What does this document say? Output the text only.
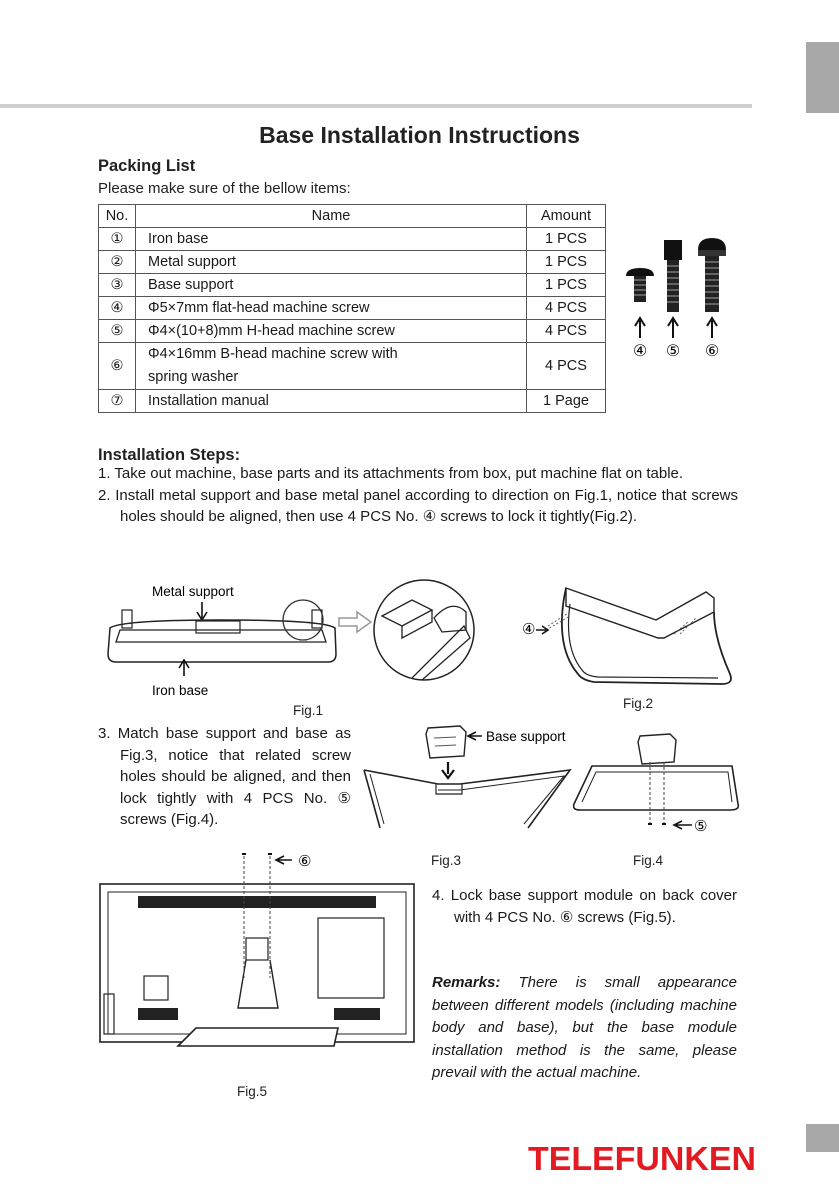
Base Installation Instructions
Packing List
Please make sure of the bellow items:
No.	Name	Amount
①	Iron base	1 PCS
②	Metal support	1 PCS
③	Base support	1 PCS
④	Φ5×7mm flat-head machine screw	4 PCS
⑤	Φ4×(10+8)mm H-head machine screw	4 PCS
⑥	Φ4×16mm B-head machine screw with spring washer	4 PCS
⑦	Installation manual	1 Page
④ ⑤ ⑥
Installation Steps:

1. Take out machine, base parts and its attachments from box, put machine flat on table.

2. Install metal support and base metal panel according to direction on Fig.1, notice that screws holes should be aligned, then use 4 PCS No. ④ screws to lock it tightly(Fig.2).

Metal support
Iron base
Fig.1
④
Fig.2

3. Match base support and base as Fig.3, notice that related screw holes should be aligned, and then lock tightly with 4 PCS No. ⑤ screws (Fig.4).

Base support
Fig.3
⑤
Fig.4
⑥
Fig.5

4. Lock base support module on back cover with 4 PCS No. ⑥ screws (Fig.5).

Remarks: There is small appearance between different models (including machine body and base), but the base module installation method is the same, please prevail with the actual machine.
TELEFUNKEN
